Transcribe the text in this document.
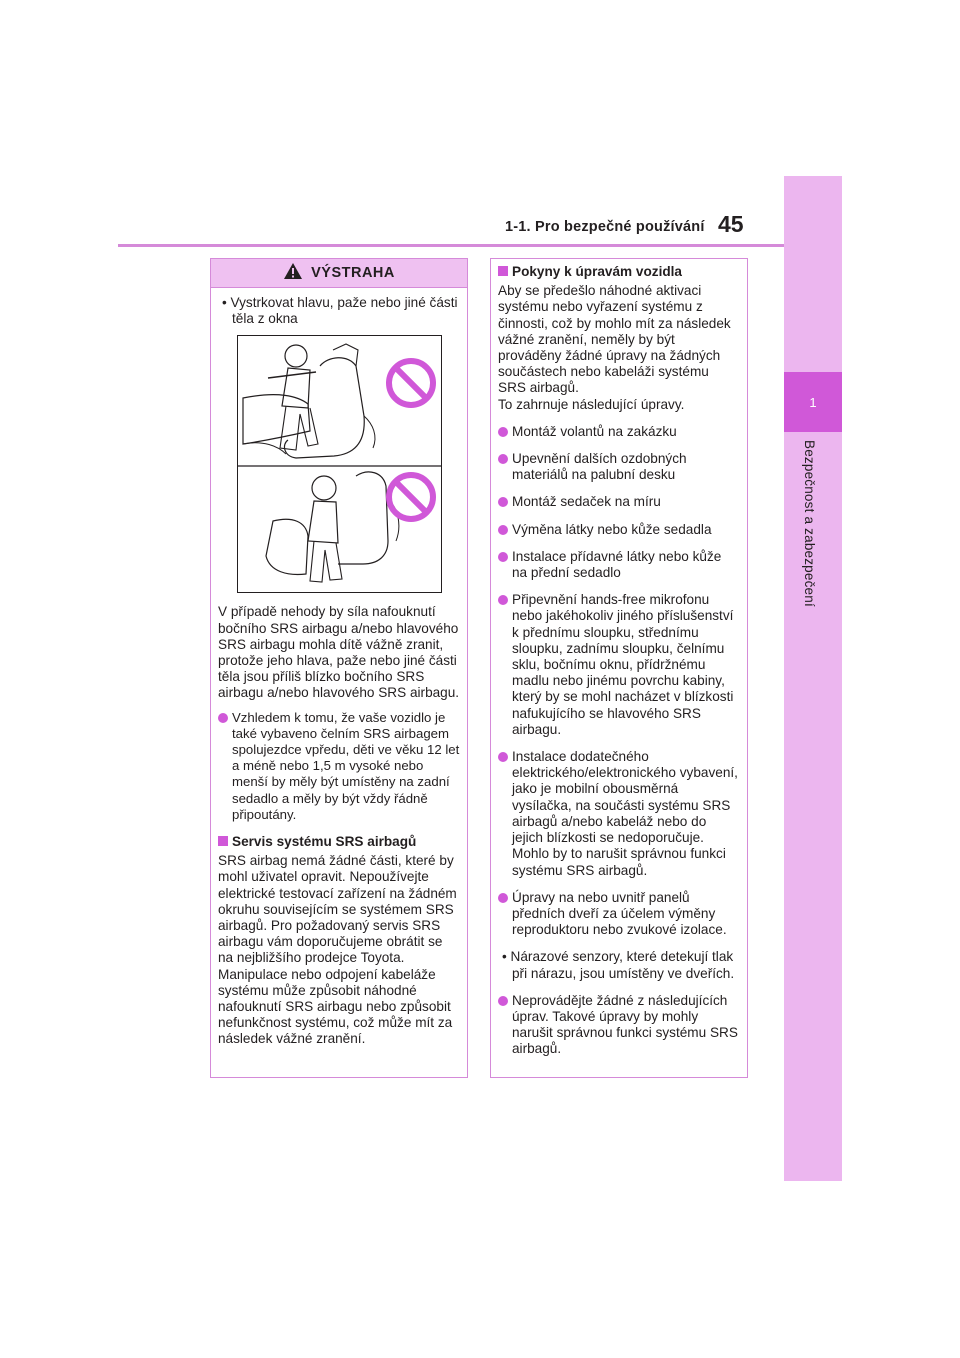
1
Bezpečnost a zabezpečení
1-1. Pro bezpečné používání 45
VÝSTRAHA

• Vystrkovat hlavu, paže nebo jiné části těla z okna

V případě nehody by síla nafouknutí bočního SRS airbagu a/nebo hlavového SRS airbagu mohla dítě vážně zranit, protože jeho hlava, paže nebo jiné části těla jsou příliš blízko bočního SRS airbagu a/nebo hlavového SRS airbagu.

Vzhledem k tomu, že vaše vozidlo je také vybaveno čelním SRS airbagem spolujezdce vpředu, děti ve věku 12 let a méně nebo 1,5 m vysoké nebo menší by měly být umístěny na zadní sedadlo a měly by být vždy řádně připoutány.

Servis systému SRS airbagů

SRS airbag nemá žádné části, které by mohl uživatel opravit. Nepoužívejte elektrické testovací zařízení na žádném okruhu souvisejícím se systémem SRS airbagů. Pro požadovaný servis SRS airbagu vám doporučujeme obrátit se na nejbližšího prodejce Toyota. Manipulace nebo odpojení kabeláže systému může způsobit náhodné nafouknutí SRS airbagu nebo způsobit nefunkčnost systému, což může mít za následek vážné zranění.

Pokyny k úpravám vozidla

Aby se předešlo náhodné aktivaci systému nebo vyřazení systému z činnosti, což by mohlo mít za následek vážné zranění, neměly by být prováděny žádné úpravy na žádných součástech nebo kabeláži systému SRS airbagů.

To zahrnuje následující úpravy.

Montáž volantů na zakázku

Upevnění dalších ozdobných materiálů na palubní desku

Montáž sedaček na míru

Výměna látky nebo kůže sedadla

Instalace přídavné látky nebo kůže na přední sedadlo

Připevnění hands-free mikrofonu nebo jakéhokoliv jiného příslušenství k přednímu sloupku, střednímu sloupku, zadnímu sloupku, čelnímu sklu, bočnímu oknu, přídržnému madlu nebo jinému povrchu kabiny, který by se mohl nacházet v blízkosti nafukujícího se hlavového SRS airbagu.

Instalace dodatečného elektrického/elektronického vybavení, jako je mobilní obousměrná vysílačka, na součásti systému SRS airbagů a/nebo kabeláž nebo do jejich blízkosti se nedoporučuje. Mohlo by to narušit správnou funkci systému SRS airbagů.

Úpravy na nebo uvnitř panelů předních dveří za účelem výměny reproduktoru nebo zvukové izolace.

• Nárazové senzory, které detekují tlak při nárazu, jsou umístěny ve dveřích.

Neprovádějte žádné z následujících úprav. Takové úpravy by mohly narušit správnou funkci systému SRS airbagů.
